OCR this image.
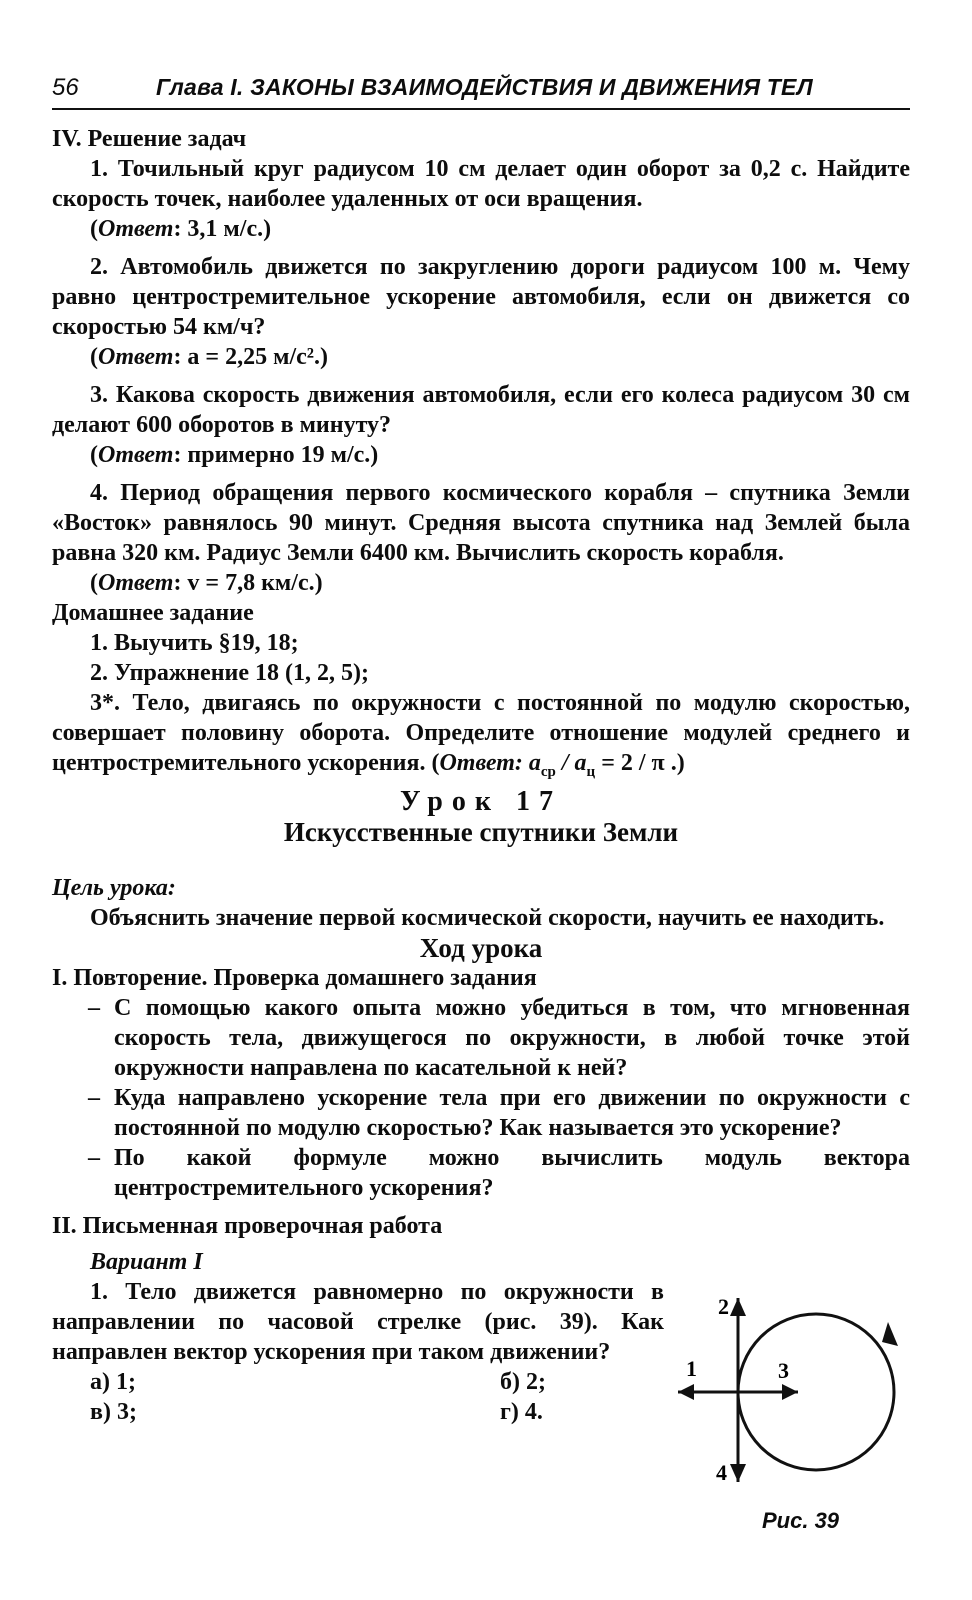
56	Глава I. ЗАКОНЫ ВЗАИМОДЕЙСТВИЯ И ДВИЖЕНИЯ ТЕЛ

IV. Решение задач

1. Точильный круг радиусом 10 см делает один оборот за 0,2 с. Найдите скорость точек, наиболее удаленных от оси вращения.

(Ответ: 3,1 м/с.)

2. Автомобиль движется по закруглению дороги радиусом 100 м. Чему равно центростремительное ускорение автомобиля, если он движется со скоростью 54 км/ч?

(Ответ: a = 2,25 м/с².)

3. Какова скорость движения автомобиля, если его колеса радиусом 30 см делают 600 оборотов в минуту?

(Ответ: примерно 19 м/с.)

4. Период обращения первого космического корабля – спутника Земли «Восток» равнялось 90 минут. Средняя высота спутника над Землей была равна 320 км. Радиус Земли 6400 км. Вычислить скорость корабля.

(Ответ: v = 7,8 км/с.)

Домашнее задание

1. Выучить §19, 18;

2. Упражнение 18 (1, 2, 5);

3*. Тело, двигаясь по окружности с постоянной по модулю скоростью, совершает половину оборота. Определите отношение модулей среднего и центростремительного ускорения. (Ответ: $a_{ср} / a_ц = 2 / \pi$ .)

Урок 17

Искусственные спутники Земли

Цель урока:

Объяснить значение первой космической скорости, научить ее находить.

Ход урока

I. Повторение. Проверка домашнего задания

– С помощью какого опыта можно убедиться в том, что мгновенная скорость тела, движущегося по окружности, в любой точке этой окружности направлена по касательной к ней?

– Куда направлено ускорение тела при его движении по окружности с постоянной по модулю скоростью? Как называется это ускорение?

– По какой формуле можно вычислить модуль вектора центростремительного ускорения?

II. Письменная проверочная работа

Вариант I

1. Тело движется равномерно по окружности в направлении по часовой стрелке (рис. 39). Как направлен вектор ускорения при таком движении?

а) 1;	б) 2;
в) 3;	г) 4.
1
2
3
4
Рис. 39
